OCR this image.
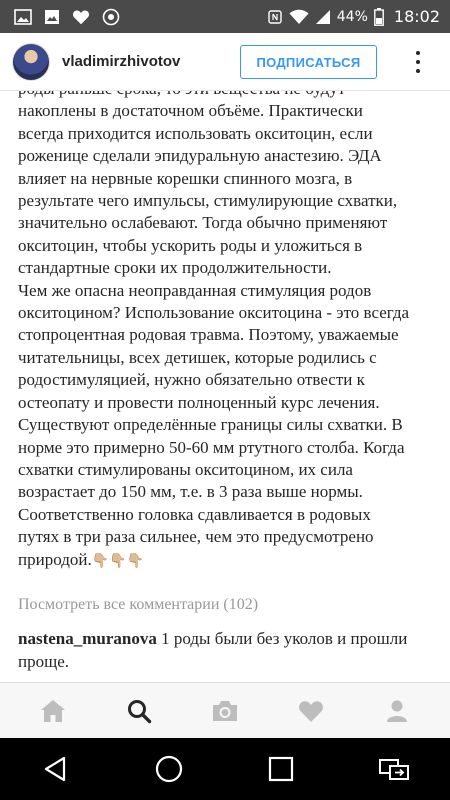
44% 18:02
vladimirzhivotov	ПОДПИСАТЬСЯ

накоплены в достаточном объёме. Практически

всегда приходится использовать окситоцин, если

роженице сделали эпидуральную анастезию. ЭДА

влияет на нервные корешки спинного мозга, в

результате чего импульсы, стимулирующие схватки,

значительно ослабевают. Тогда обычно применяют

окситоцин, чтобы ускорить роды и уложиться в

стандартные сроки их продолжительности.

Чем же опасна неоправданная стимуляция родов

окситоцином? Использование окситоцина - это всегда

стопроцентная родовая травма. Поэтому, уважаемые

читательницы, всех детишек, которые родились с

родостимуляцией, нужно обязательно отвести к

остеопату и провести полноценный курс лечения.

Существуют определённые границы силы схватки. В

норме это примерно 50-60 мм ртутного столба. Когда

схватки стимулированы окситоцином, их сила

возрастает до 150 мм, т.е. в 3 раза выше нормы.

Соответственно головка сдавливается в родовых

путях в три раза сильнее, чем это предусмотрено

природой.👇🏼👇🏼👇🏼

Посмотреть все комментарии (102)
nastena_muranova 1 роды были без уколов и прошли проще.
